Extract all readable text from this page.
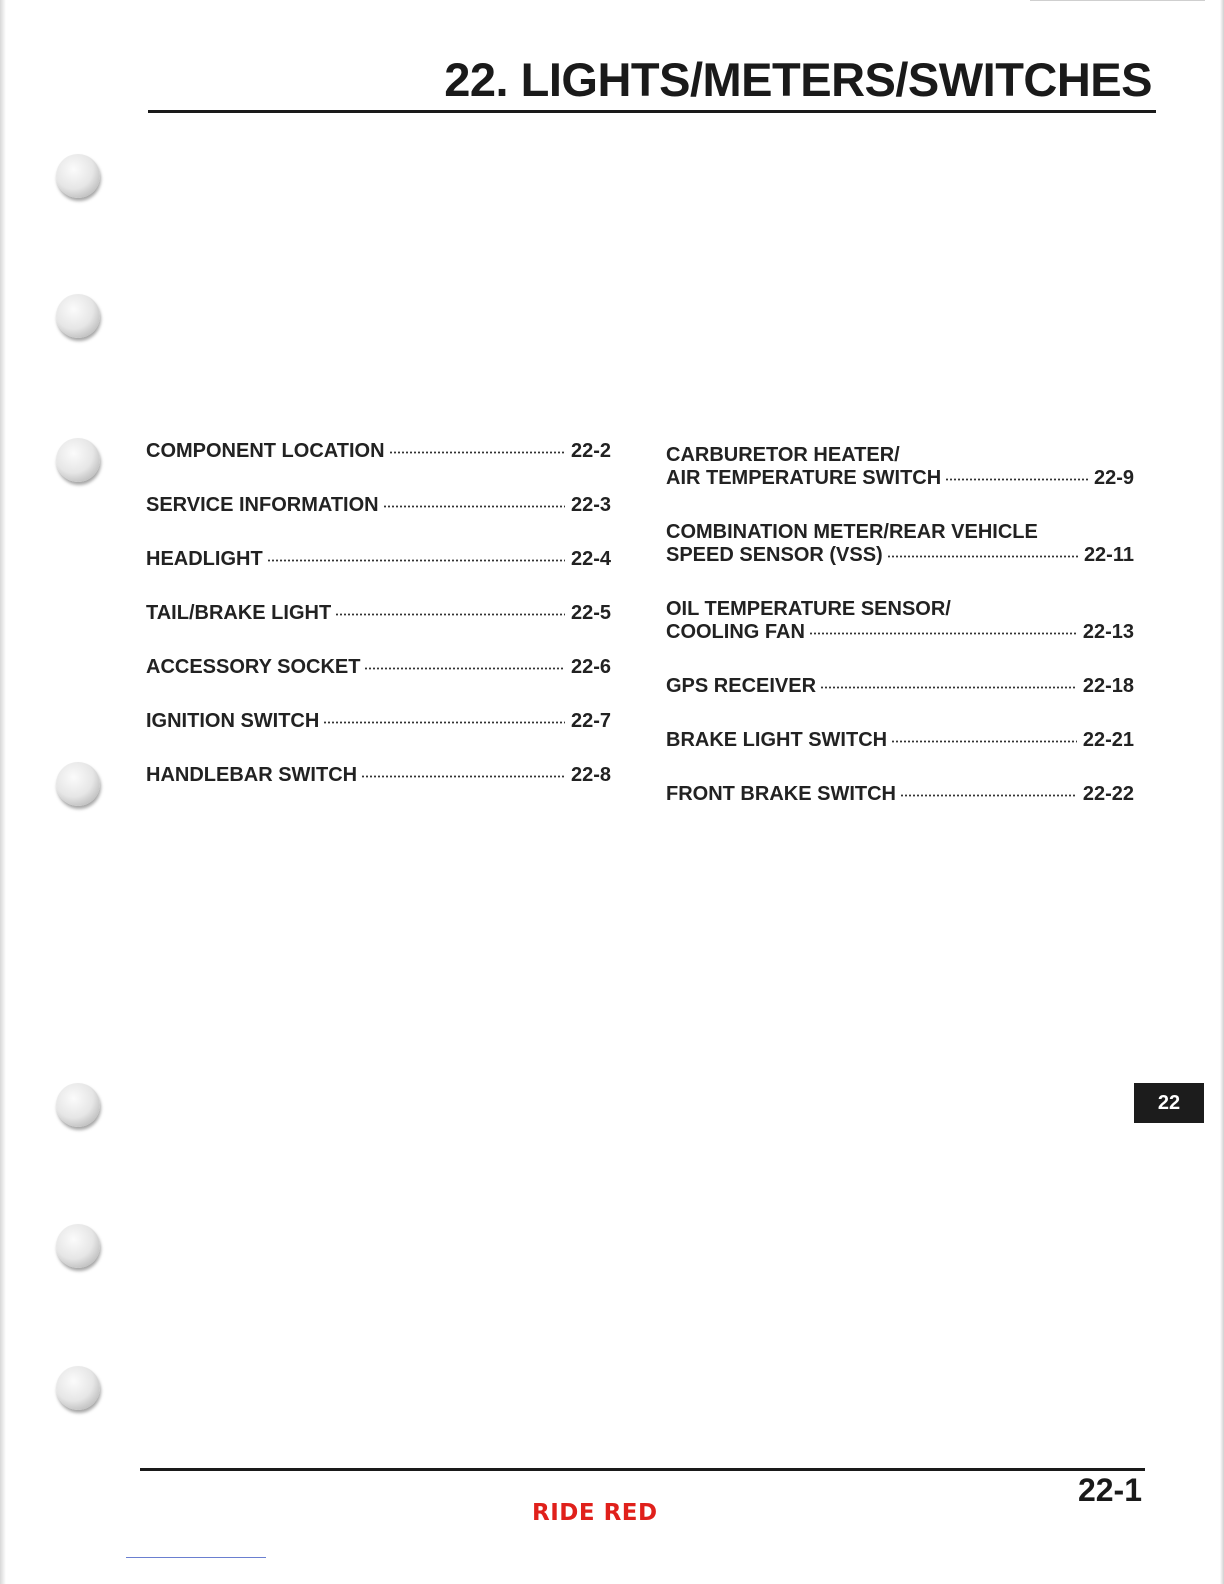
22. LIGHTS/METERS/SWITCHES
COMPONENT LOCATION	22-2
SERVICE INFORMATION	22-3
HEADLIGHT	22-4
TAIL/BRAKE LIGHT	22-5
ACCESSORY SOCKET	22-6
IGNITION SWITCH	22-7
HANDLEBAR SWITCH	22-8
CARBURETOR HEATER/
AIR TEMPERATURE SWITCH	22-9
COMBINATION METER/REAR VEHICLE
SPEED SENSOR (VSS)	22-11
OIL TEMPERATURE SENSOR/
COOLING FAN	22-13
GPS RECEIVER	22-18
BRAKE LIGHT SWITCH	22-21
FRONT BRAKE SWITCH	22-22
22
22-1
RIDE RED
